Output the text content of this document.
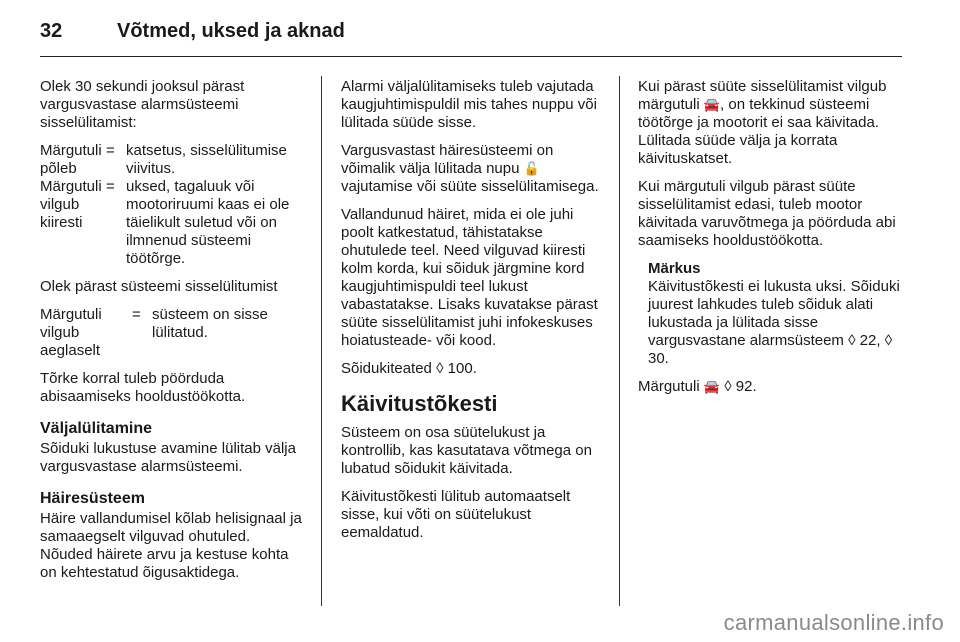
32	Võtmed, uksed ja aknad

Olek 30 sekundi jooksul pärast vargusvastase alarmsüsteemi sisselülitamist:

Märgutuli põleb
= katsetus, sisselülitumise viivitus.
Märgutuli vilgub kiiresti
= uksed, tagaluuk või mootoriruumi kaas ei ole täielikult suletud või on ilmnenud süsteemi töötõrge.

Olek pärast süsteemi sisselülitumist

Märgutuli vilgub aeglaselt
= süsteem on sisse lülitatud.

Tõrke korral tuleb pöörduda abisaamiseks hooldustöökotta.

Väljalülitamine

Sõiduki lukustuse avamine lülitab välja vargusvastase alarmsüsteemi.

Häiresüsteem

Häire vallandumisel kõlab helisignaal ja samaaegselt vilguvad ohutuled. Nõuded häirete arvu ja kestuse kohta on kehtestatud õigusaktidega.

Alarmi väljalülitamiseks tuleb vajutada kaugjuhtimispuldil mis tahes nuppu või lülitada süüde sisse.

Vargusvastast häiresüsteemi on võimalik välja lülitada nupu 🔓 vajutamise või süüte sisselülitamisega.

Vallandunud häiret, mida ei ole juhi poolt katkestatud, tähistatakse ohutulede teel. Need vilguvad kiiresti kolm korda, kui sõiduk järgmine kord kaugjuhtimispuldi teel lukust vabastatakse. Lisaks kuvatakse pärast süüte sisselülitamist juhi infokeskuses hoiatusteade- või kood.

Sõidukiteated ◊ 100.

Käivitustõkesti

Süsteem on osa süütelukust ja kontrollib, kas kasutatava võtmega on lubatud sõidukit käivitada.

Käivitustõkesti lülitub automaatselt sisse, kui võti on süütelukust eemaldatud.

Kui pärast süüte sisselülitamist vilgub märgutuli 🚘, on tekkinud süsteemi töötõrge ja mootorit ei saa käivitada. Lülitada süüde välja ja korrata käivituskatset.

Kui märgutuli vilgub pärast süüte sisselülitamist edasi, tuleb mootor käivitada varuvõtmega ja pöörduda abi saamiseks hooldustöökotta.

Märkus
Käivitustõkesti ei lukusta uksi. Sõiduki juurest lahkudes tuleb sõiduk alati lukustada ja lülitada sisse vargusvastane alarmsüsteem ◊ 22, ◊ 30.

Märgutuli 🚘 ◊ 92.

carmanualsonline.info
